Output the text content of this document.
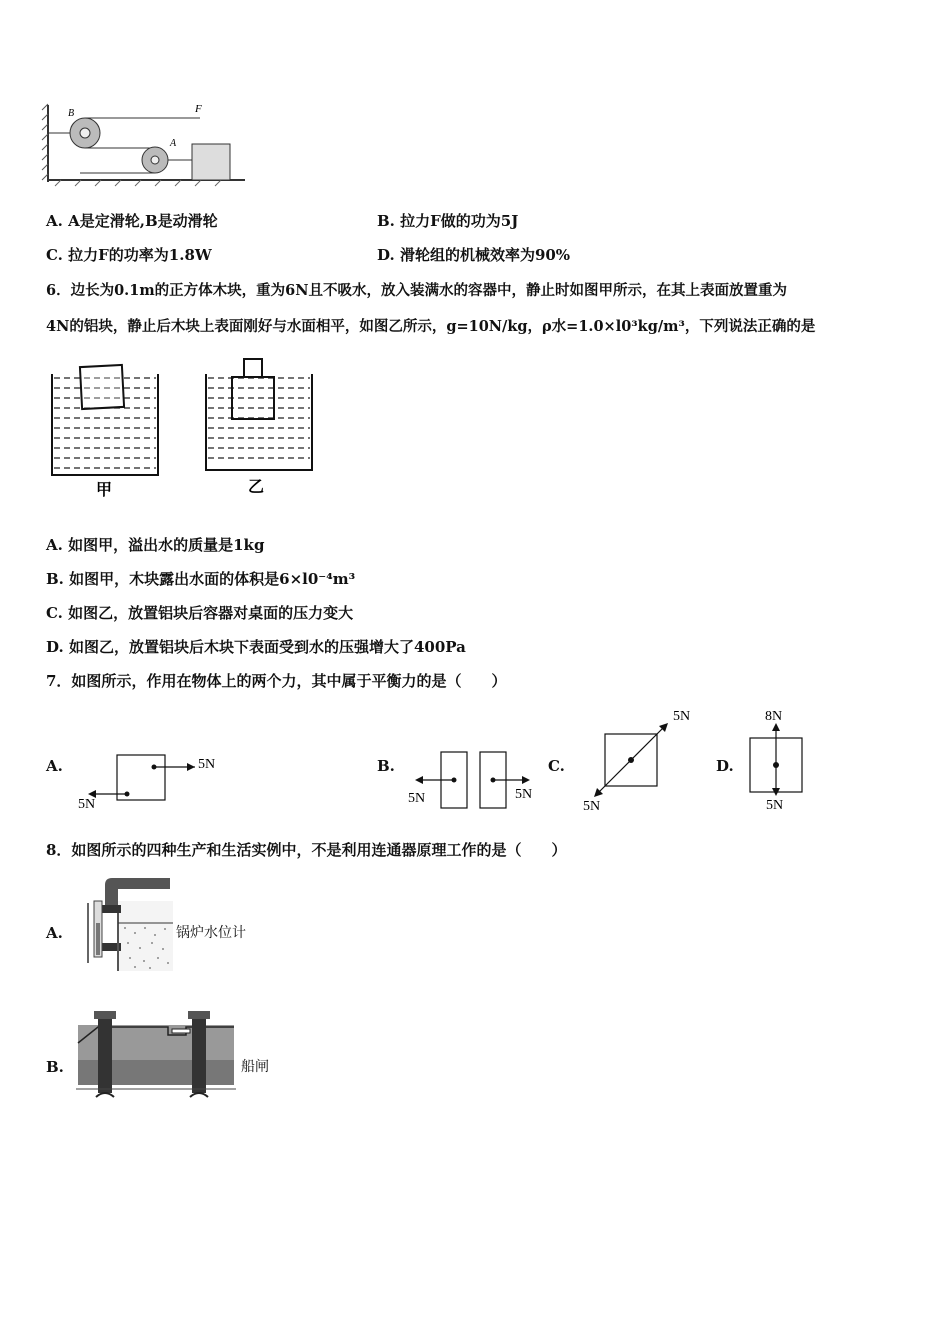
B	F
A
A. A是定滑轮,B是动滑轮	B. 拉力F做的功为5J
C. 拉力F的功率为1.8W	D. 滑轮组的机械效率为90%
6．边长为0.1m的正方体木块，重为6N且不吸水，放入装满水的容器中，静止时如图甲所示，在其上表面放置重为
4N的铝块，静止后木块上表面刚好与水面相平，如图乙所示，g=10N/kg，ρ水=1.0×l0³kg/m³，下列说法正确的是
甲	乙
A. 如图甲，溢出水的质量是1kg
B. 如图甲，木块露出水面的体积是6×l0⁻⁴m³
C. 如图乙，放置铝块后容器对桌面的压力变大
D. 如图乙，放置铝块后木块下表面受到水的压强增大了400Pa
7．如图所示，作用在物体上的两个力，其中属于平衡力的是（　　）
A.	5N
5N
B.
5N	5N
C.
5N
5N
D.
8N
5N
8．如图所示的四种生产和生活实例中，不是利用连通器原理工作的是（　　）
A.	锅炉水位计
B.	船闸
